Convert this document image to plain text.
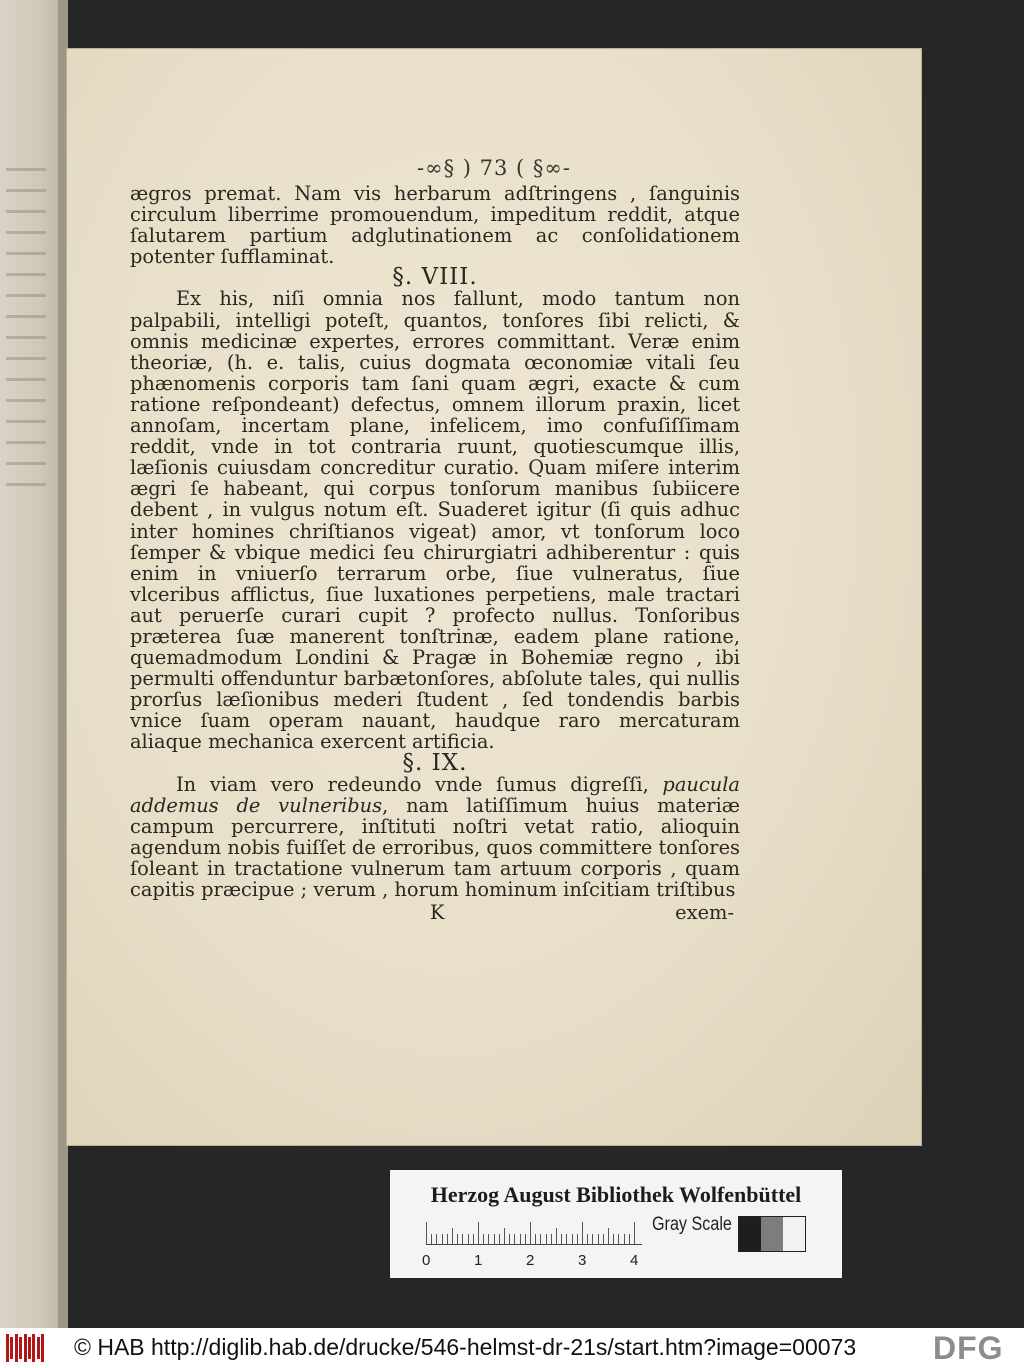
-∞§ ) 73 ( §∞-

ægros premat. Nam vis herbarum adſtringens , ſanguinis circulum liberrime promouendum, impeditum reddit, atque ſalutarem partium adglutinationem ac conſolidationem potenter ſufflaminat.

§. VIII.

Ex his, niſi omnia nos fallunt, modo tantum non palpabili, intelligi poteſt, quantos, tonſores ſibi relicti, & omnis medicinæ expertes, errores committant. Veræ enim theoriæ, (h. e. talis, cuius dogmata œconomiæ vitali ſeu phænomenis corporis tam ſani quam ægri, exacte & cum ratione reſpondeant) defectus, omnem illorum praxin, licet annoſam, incertam plane, infelicem, imo confuſiſſimam reddit, vnde in tot contraria ruunt, quotiescumque illis, læſionis cuiusdam concreditur curatio. Quam miſere interim ægri ſe habeant, qui corpus tonſorum manibus ſubiicere debent , in vulgus notum eſt. Suaderet igitur (ſi quis adhuc inter homines chriſtianos vigeat) amor, vt tonſorum loco ſemper & vbique medici ſeu chirurgiatri adhiberentur : quis enim in vniuerſo terrarum orbe, ſiue vulneratus, ſiue vlceribus afflictus, ſiue luxationes perpetiens, male tractari aut peruerſe curari cupit ? profecto nullus. Tonſoribus præterea ſuæ manerent tonſtrinæ, eadem plane ratione, quemadmodum Londini & Pragæ in Bohemiæ regno , ibi permulti offenduntur barbætonſores, abſolute tales, qui nullis prorſus læſionibus mederi ſtudent , ſed tondendis barbis vnice ſuam operam nauant, haudque raro mercaturam aliaque mechanica exercent artificia.

§. IX.

In viam vero redeundo vnde ſumus digreſſi, paucula addemus de vulneribus, nam latiſſimum huius materiæ campum percurrere, inſtituti noſtri vetat ratio, alioquin agendum nobis fuiſſet de erroribus, quos committere tonſores ſoleant in tractatione vulnerum tam artuum corporis , quam capitis præcipue ; verum , horum hominum inſcitiam triſtibus

K	exem-
Herzog August Bibliothek Wolfenbüttel
0	1	2	3	4
Gray Scale
© HAB http://diglib.hab.de/drucke/546-helmst-dr-21s/start.htm?image=00073 DFG
